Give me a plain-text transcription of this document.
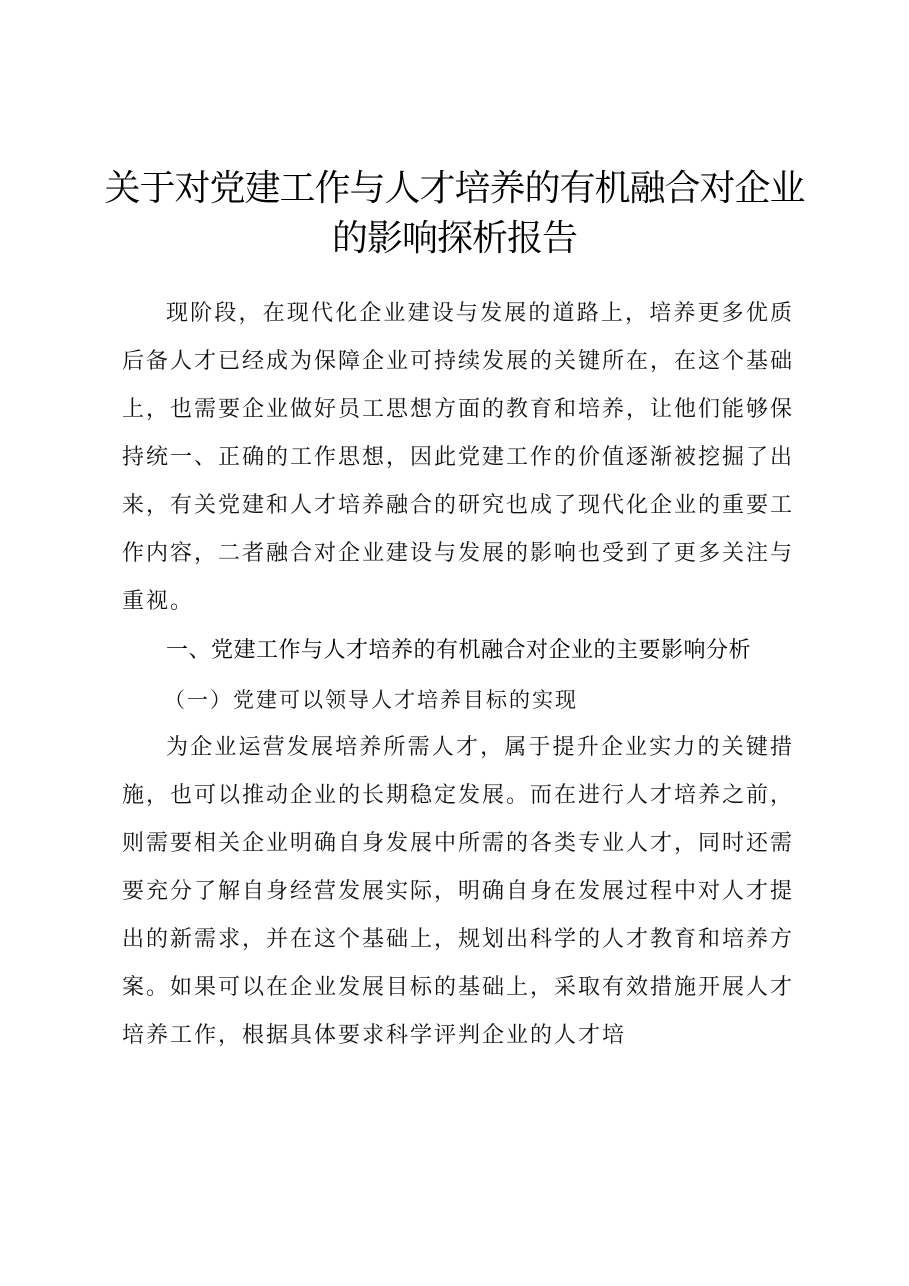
关于对党建工作与人才培养的有机融合对企业
的影响探析报告

现阶段，在现代化企业建设与发展的道路上，培养更多优质后备人才已经成为保障企业可持续发展的关键所在，在这个基础上，也需要企业做好员工思想方面的教育和培养，让他们能够保持统一、正确的工作思想，因此党建工作的价值逐渐被挖掘了出来，有关党建和人才培养融合的研究也成了现代化企业的重要工作内容，二者融合对企业建设与发展的影响也受到了更多关注与重视。

一、党建工作与人才培养的有机融合对企业的主要影响分析

（一）党建可以领导人才培养目标的实现

为企业运营发展培养所需人才，属于提升企业实力的关键措施，也可以推动企业的长期稳定发展。而在进行人才培养之前，则需要相关企业明确自身发展中所需的各类专业人才，同时还需要充分了解自身经营发展实际，明确自身在发展过程中对人才提出的新需求，并在这个基础上，规划出科学的人才教育和培养方案。如果可以在企业发展目标的基础上，采取有效措施开展人才培养工作，根据具体要求科学评判企业的人才培
